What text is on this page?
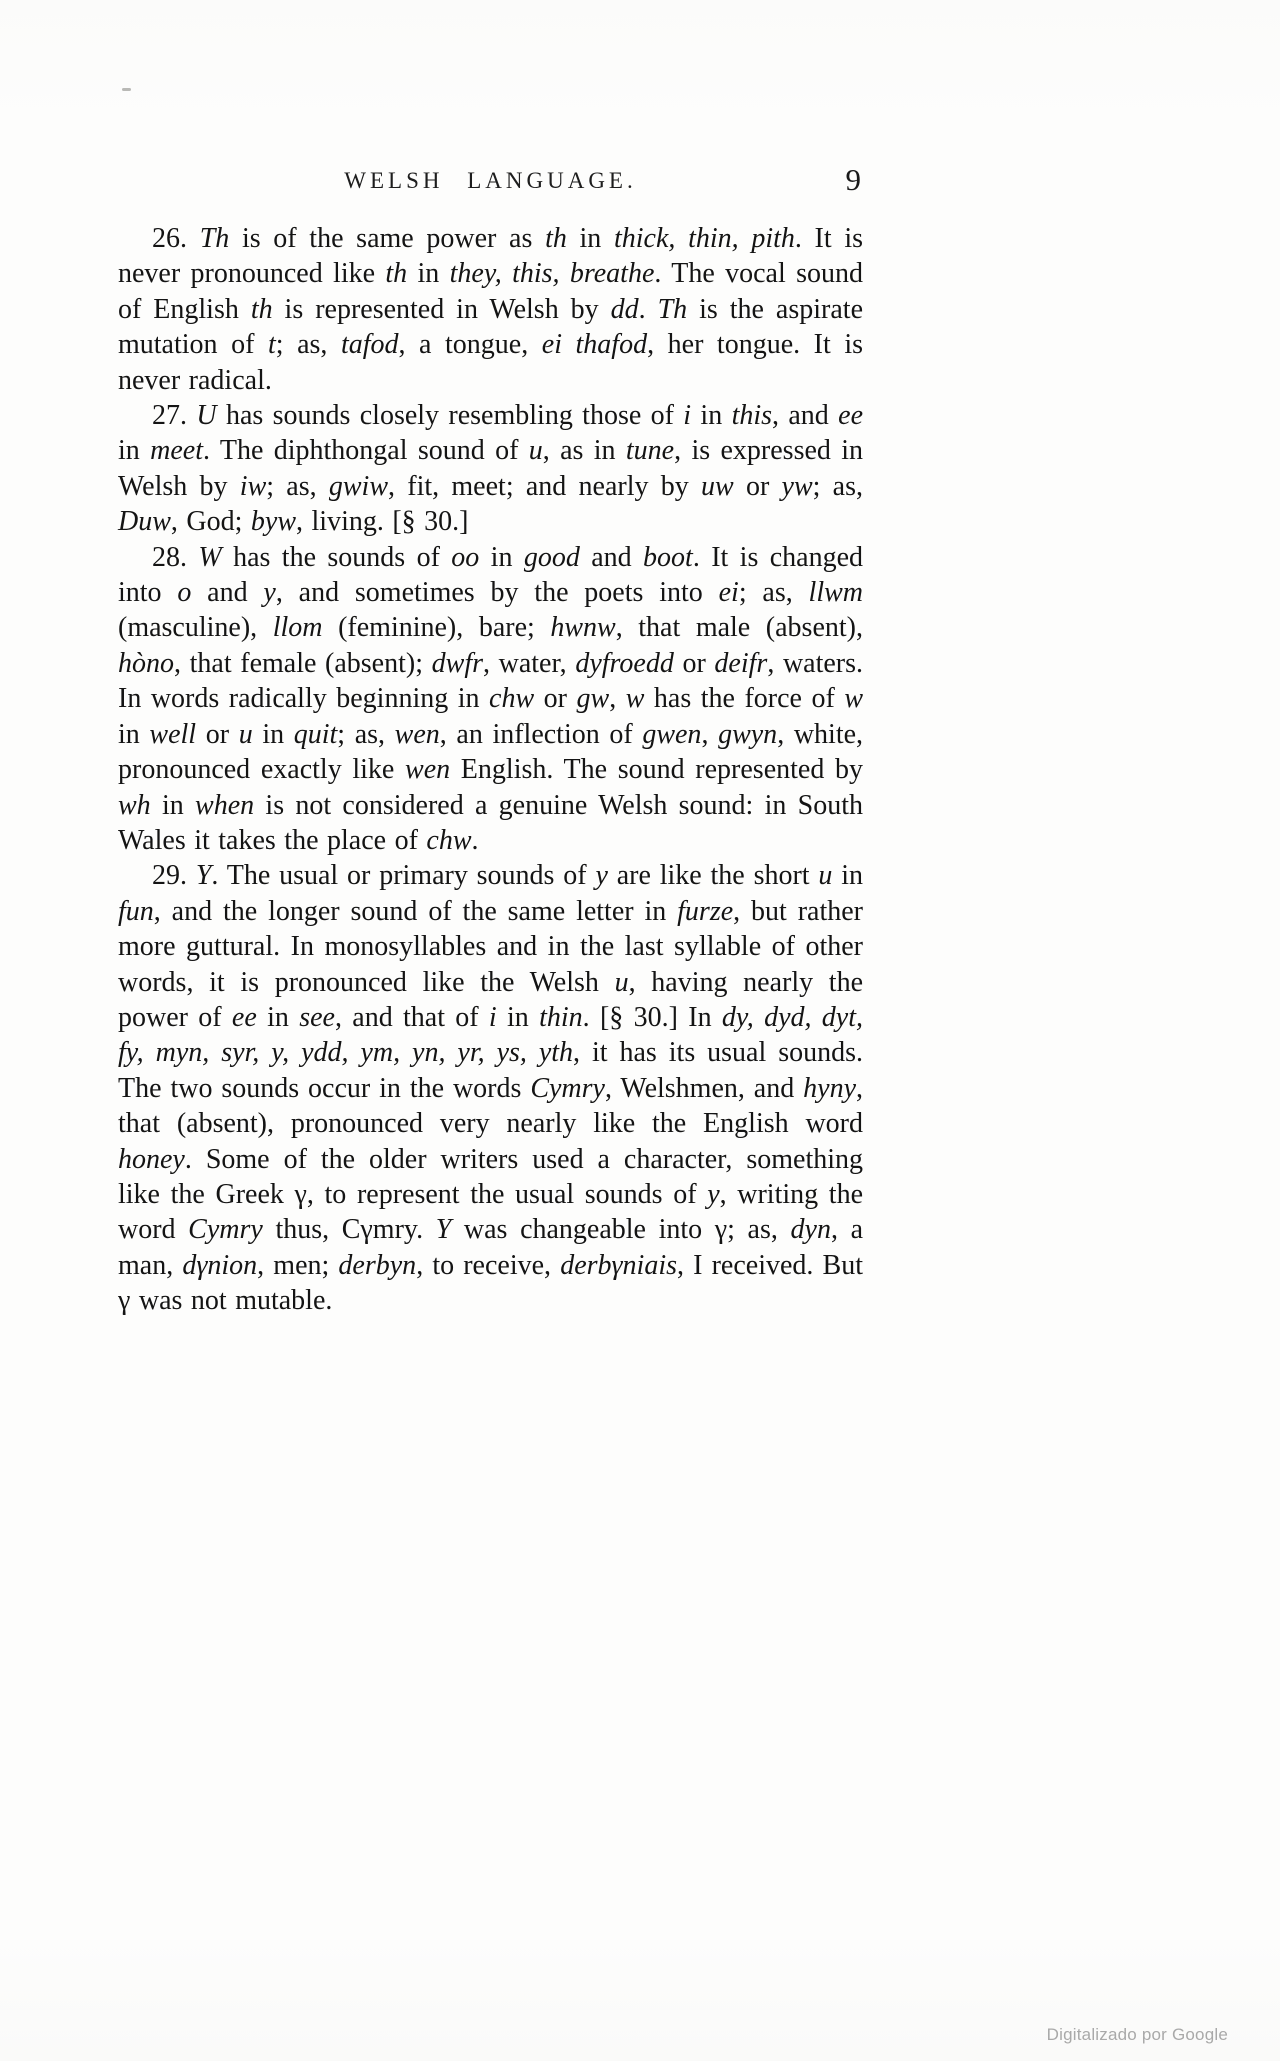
WELSH LANGUAGE.	9

26. Th is of the same power as th in thick, thin, pith. It is never pronounced like th in they, this, breathe. The vocal sound of English th is represented in Welsh by dd. Th is the aspirate mutation of t; as, tafod, a tongue, ei thafod, her tongue. It is never radical.

27. U has sounds closely resembling those of i in this, and ee in meet. The diphthongal sound of u, as in tune, is expressed in Welsh by iw; as, gwiw, fit, meet; and nearly by uw or yw; as, Duw, God; byw, living. [§ 30.]

28. W has the sounds of oo in good and boot. It is changed into o and y, and sometimes by the poets into ei; as, llwm (masculine), llom (feminine), bare; hwnw, that male (absent), hòno, that female (absent); dwfr, water, dyfroedd or deifr, waters. In words radically beginning in chw or gw, w has the force of w in well or u in quit; as, wen, an inflection of gwen, gwyn, white, pronounced exactly like wen English. The sound represented by wh in when is not considered a genuine Welsh sound: in South Wales it takes the place of chw.

29. Y. The usual or primary sounds of y are like the short u in fun, and the longer sound of the same letter in furze, but rather more guttural. In monosyllables and in the last syllable of other words, it is pronounced like the Welsh u, having nearly the power of ee in see, and that of i in thin. [§ 30.] In dy, dyd, dyt, fy, myn, syr, y, ydd, ym, yn, yr, ys, yth, it has its usual sounds. The two sounds occur in the words Cymry, Welshmen, and hyny, that (absent), pronounced very nearly like the English word honey. Some of the older writers used a character, something like the Greek γ, to represent the usual sounds of y, writing the word Cymry thus, Cγmry. Y was changeable into γ; as, dyn, a man, dγnion, men; derbyn, to receive, derbγniais, I received. But γ was not mutable.

Digitalizado por Google
